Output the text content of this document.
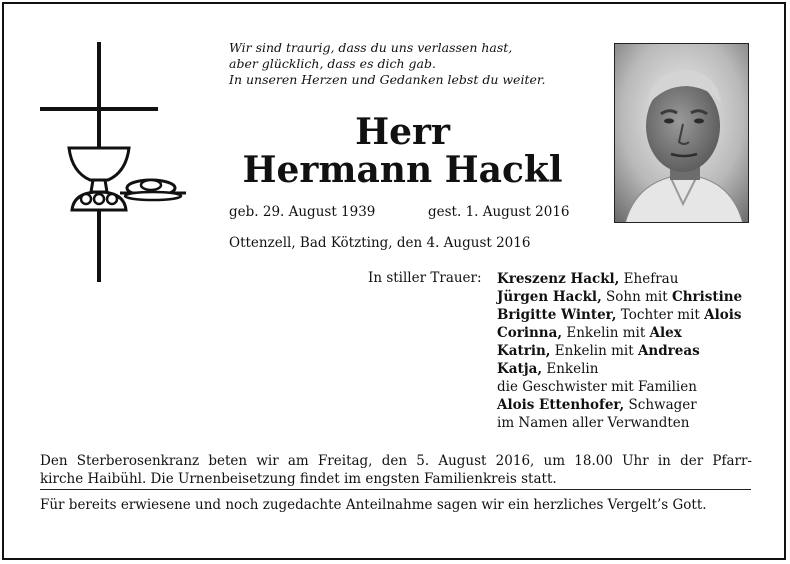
Wir sind traurig, dass du uns verlassen hast,
aber glücklich, dass es dich gab.
In unseren Herzen und Gedanken lebst du weiter.
Herr
Hermann Hackl
geb. 29. August 1939	gest. 1. August 2016
Ottenzell, Bad Kötzting, den 4. August 2016
In stiller Trauer: Kreszenz Hackl, Ehefrau
Jürgen Hackl, Sohn mit Christine
Brigitte Winter, Tochter mit Alois
Corinna, Enkelin mit Alex
Katrin, Enkelin mit Andreas
Katja, Enkelin
die Geschwister mit Familien
Alois Ettenhofer, Schwager
im Namen aller Verwandten
Den Sterberosenkranz beten wir am Freitag, den 5. August 2016, um 18.00 Uhr in der Pfarr-
kirche Haibühl. Die Urnenbeisetzung findet im engsten Familienkreis statt.
Für bereits erwiesene und noch zugedachte Anteilnahme sagen wir ein herzliches Vergelt’s Gott.
